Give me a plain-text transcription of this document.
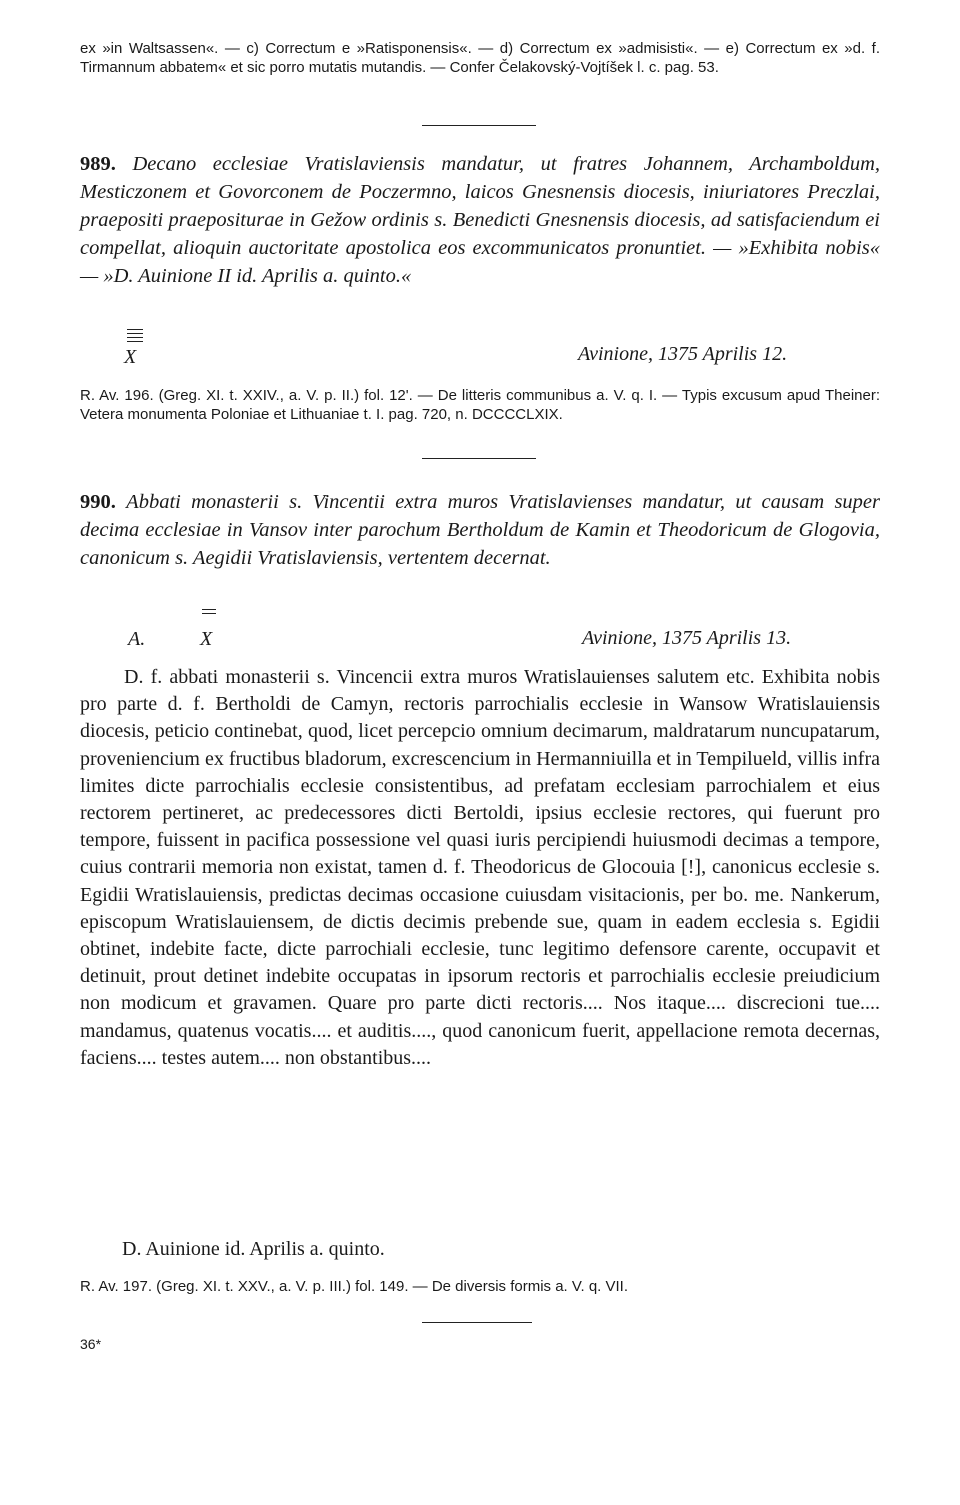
ex »in Waltsassen«. — c) Correctum e »Ratisponensis«. — d) Correctum ex »admisisti«. — e) Correctum ex »d. f. Tirmannum abbatem« et sic porro mutatis mutandis. — Confer Čelakovský-Vojtíšek l. c. pag. 53.
989. Decano ecclesiae Vratislaviensis mandatur, ut fratres Johannem, Archamboldum, Mesticzonem et Govorconem de Poczermno, laicos Gnesnensis diocesis, iniuriatores Preczlai, praepositi praepositurae in Gežow ordinis s. Benedicti Gnesnensis diocesis, ad satisfaciendum ei compellat, alioquin auctoritate apostolica eos excommunicatos pronuntiet. — »Exhibita nobis« — »D. Auinione II id. Aprilis a. quinto.«
X	Avinione, 1375 Aprilis 12.
R. Av. 196. (Greg. XI. t. XXIV., a. V. p. II.) fol. 12'. — De litteris communibus a. V. q. I. — Typis excusum apud Theiner: Vetera monumenta Poloniae et Lithuaniae t. I. pag. 720, n. DCCCCLXIX.
990. Abbati monasterii s. Vincentii extra muros Vratislavienses mandatur, ut causam super decima ecclesiae in Vansov inter parochum Bertholdum de Kamin et Theodoricum de Glogovia, canonicum s. Aegidii Vratislaviensis, vertentem decernat.
A.	X	Avinione, 1375 Aprilis 13.
D. f. abbati monasterii s. Vincencii extra muros Wratislauienses salutem etc. Exhibita nobis pro parte d. f. Bertholdi de Camyn, rectoris parrochialis ecclesie in Wansow Wratislauiensis diocesis, peticio continebat, quod, licet percepcio omnium decimarum, maldratarum nuncupatarum, proveniencium ex fructibus bladorum, excrescencium in Hermanniuilla et in Tempilueld, villis infra limites dicte parrochialis ecclesie consistentibus, ad prefatam ecclesiam parrochialem et eius rectorem pertineret, ac predecessores dicti Bertoldi, ipsius ecclesie rectores, qui fuerunt pro tempore, fuissent in pacifica possessione vel quasi iuris percipiendi huiusmodi decimas a tempore, cuius contrarii memoria non existat, tamen d. f. Theodoricus de Glocouia [!], canonicus ecclesie s. Egidii Wratislauiensis, predictas decimas occasione cuiusdam visitacionis, per bo. me. Nankerum, episcopum Wratislauiensem, de dictis decimis prebende sue, quam in eadem ecclesia s. Egidii obtinet, indebite facte, dicte parrochiali ecclesie, tunc legitimo defensore carente, occupavit et detinuit, prout detinet indebite occupatas in ipsorum rectoris et parrochialis ecclesie preiudicium non modicum et gravamen. Quare pro parte dicti rectoris.... Nos itaque.... discrecioni tue.... mandamus, quatenus vocatis.... et auditis...., quod canonicum fuerit, appellacione remota decernas, faciens.... testes autem.... non obstantibus....
D. Auinione id. Aprilis a. quinto.
R. Av. 197. (Greg. XI. t. XXV., a. V. p. III.) fol. 149. — De diversis formis a. V. q. VII.
36*
